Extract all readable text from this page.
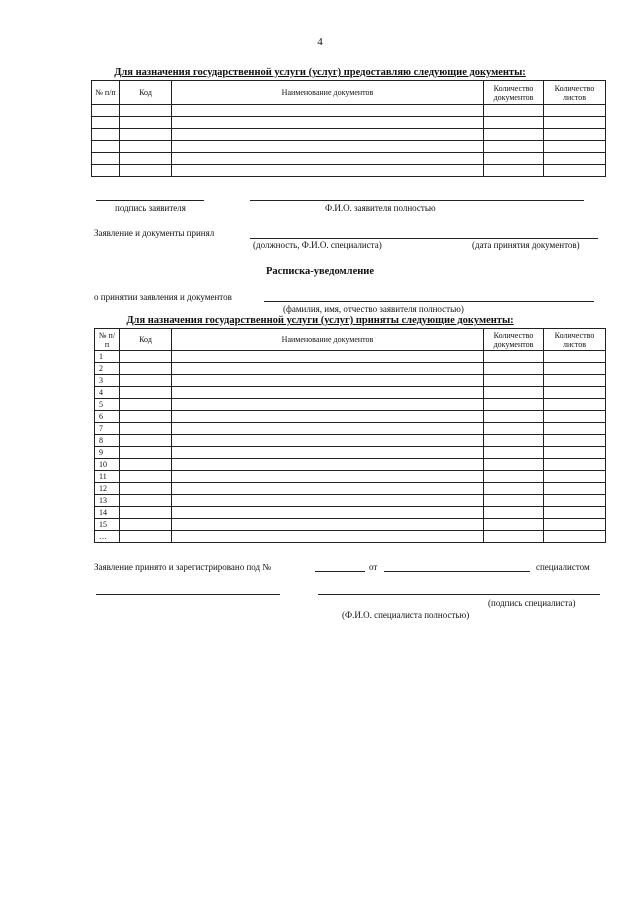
4
Для назначения государственной услуги (услуг) предоставляю следующие документы:
№ п/п	Код	Наименование документов	Количество документов	Количество листов

подпись заявителя	Ф.И.О. заявителя полностью
Заявление и документы принял
(должность, Ф.И.О. специалиста)	(дата принятия документов)
Расписка-уведомление
о принятии заявления и документов
(фамилия, имя, отчество заявителя полностью)
Для назначения государственной услуги (услуг) приняты следующие документы:
№ п/п	Код	Наименование документов	Количество документов	Количество листов
1				
2				
3				
4				
5				
6				
7				
8				
9				
10				
11				
12				
13				
14				
15				
…				
Заявление принято и зарегистрировано под №	от	специалистом
(подпись специалиста)
(Ф.И.О. специалиста полностью)
